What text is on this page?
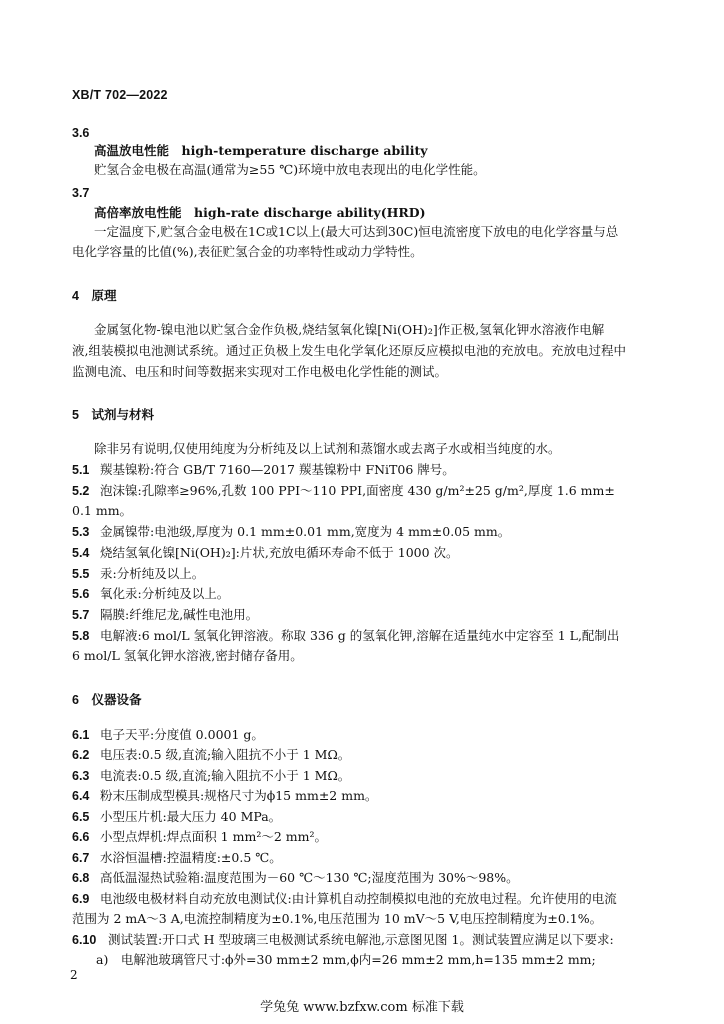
XB/T 702—2022
3.6
高温放电性能　high-temperature discharge ability
贮氢合金电极在高温(通常为≥55 ℃)环境中放电表现出的电化学性能。
3.7
高倍率放电性能　high-rate discharge ability(HRD)
一定温度下,贮氢合金电极在1C或1C以上(最大可达到30C)恒电流密度下放电的电化学容量与总
电化学容量的比值(%),表征贮氢合金的功率特性或动力学特性。
4　原理
金属氢化物-镍电池以贮氢合金作负极,烧结氢氧化镍[Ni(OH)₂]作正极,氢氧化钾水溶液作电解
液,组装模拟电池测试系统。通过正负极上发生电化学氧化还原反应模拟电池的充放电。充放电过程中
监测电流、电压和时间等数据来实现对工作电极电化学性能的测试。
5　试剂与材料
除非另有说明,仅使用纯度为分析纯及以上试剂和蒸馏水或去离子水或相当纯度的水。
5.1 羰基镍粉:符合 GB/T 7160—2017 羰基镍粉中 FNiT06 牌号。
5.2 泡沫镍:孔隙率≥96%,孔数 100 PPI～110 PPI,面密度 430 g/m²±25 g/m²,厚度 1.6 mm±
0.1 mm。
5.3 金属镍带:电池级,厚度为 0.1 mm±0.01 mm,宽度为 4 mm±0.05 mm。
5.4 烧结氢氧化镍[Ni(OH)₂]:片状,充放电循环寿命不低于 1000 次。
5.5 汞:分析纯及以上。
5.6 氧化汞:分析纯及以上。
5.7 隔膜:纤维尼龙,碱性电池用。
5.8 电解液:6 mol/L 氢氧化钾溶液。称取 336 g 的氢氧化钾,溶解在适量纯水中定容至 1 L,配制出
6 mol/L 氢氧化钾水溶液,密封储存备用。
6　仪器设备
6.1 电子天平:分度值 0.0001 g。
6.2 电压表:0.5 级,直流;输入阻抗不小于 1 MΩ。
6.3 电流表:0.5 级,直流;输入阻抗不小于 1 MΩ。
6.4 粉末压制成型模具:规格尺寸为ϕ15 mm±2 mm。
6.5 小型压片机:最大压力 40 MPa。
6.6 小型点焊机:焊点面积 1 mm²～2 mm²。
6.7 水浴恒温槽:控温精度:±0.5 ℃。
6.8 高低温湿热试验箱:温度范围为－60 ℃～130 ℃;湿度范围为 30%～98%。
6.9 电池级电极材料自动充放电测试仪:由计算机自动控制模拟电池的充放电过程。允许使用的电流
范围为 2 mA～3 A,电流控制精度为±0.1%,电压范围为 10 mV～5 V,电压控制精度为±0.1%。
6.10 测试装置:开口式 H 型玻璃三电极测试系统电解池,示意图见图 1。测试装置应满足以下要求:
a)　电解池玻璃管尺寸:ϕ外=30 mm±2 mm,ϕ内=26 mm±2 mm,h=135 mm±2 mm;
2
学兔兔 www.bzfxw.com 标准下载
